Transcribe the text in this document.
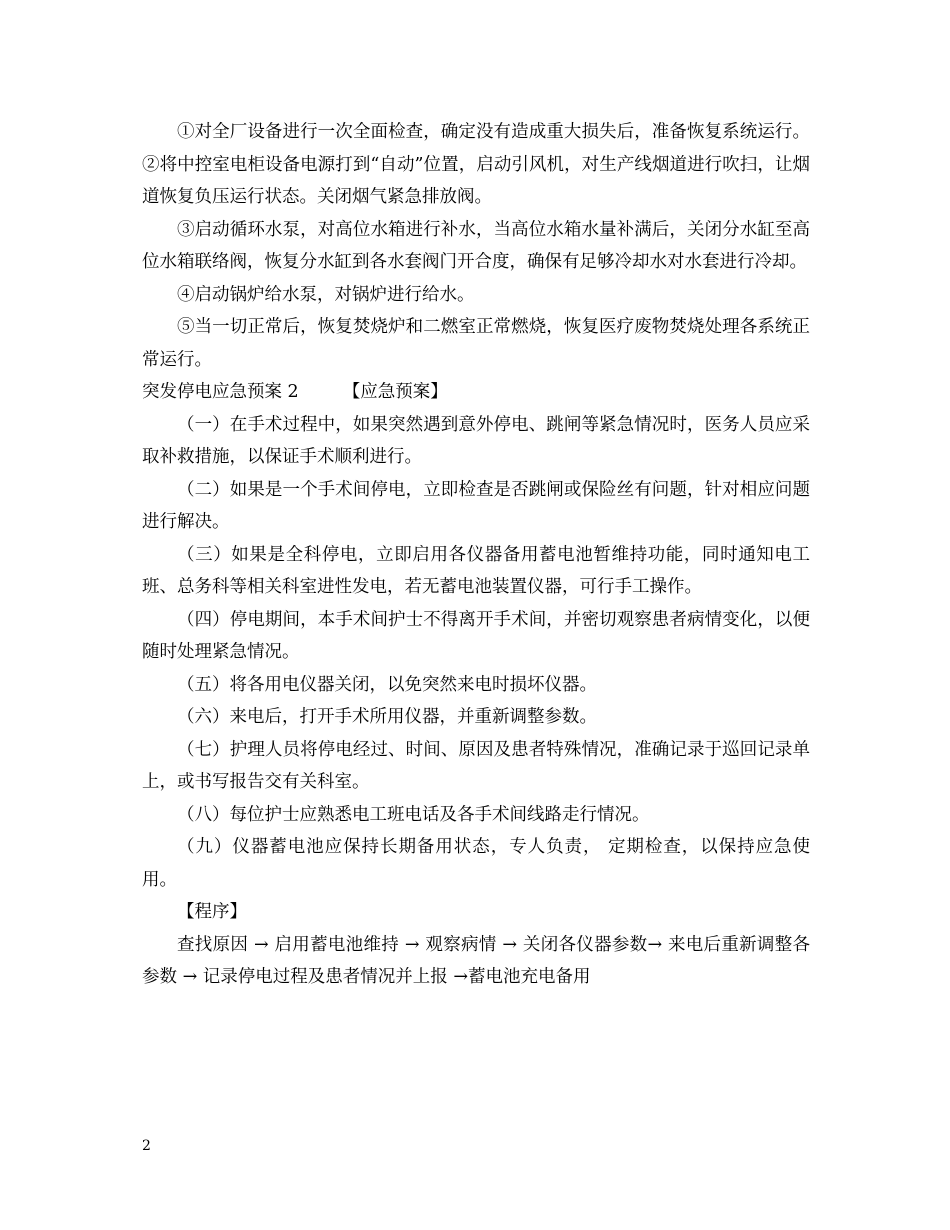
①对全厂设备进行一次全面检查，确定没有造成重大损失后，准备恢复系统运行。 ②将中控室电柜设备电源打到“自动”位置，启动引风机，对生产线烟道进行吹扫，让烟道恢复负压运行状态。关闭烟气紧急排放阀。

③启动循环水泵，对高位水箱进行补水，当高位水箱水量补满后，关闭分水缸至高位水箱联络阀，恢复分水缸到各水套阀门开合度，确保有足够冷却水对水套进行冷却。

④启动锅炉给水泵，对锅炉进行给水。

⑤当一切正常后，恢复焚烧炉和二燃室正常燃烧，恢复医疗废物焚烧处理各系统正常运行。

突发停电应急预案 2	【应急预案】

（一）在手术过程中，如果突然遇到意外停电、跳闸等紧急情况时，医务人员应采取补救措施，以保证手术顺利进行。

（二）如果是一个手术间停电，立即检查是否跳闸或保险丝有问题，针对相应问题进行解决。

（三）如果是全科停电，立即启用各仪器备用蓄电池暂维持功能，同时通知电工班、总务科等相关科室进性发电，若无蓄电池装置仪器，可行手工操作。

（四）停电期间，本手术间护士不得离开手术间，并密切观察患者病情变化，以便随时处理紧急情况。

（五）将各用电仪器关闭，以免突然来电时损坏仪器。

（六）来电后，打开手术所用仪器，并重新调整参数。

（七）护理人员将停电经过、时间、原因及患者特殊情况，准确记录于巡回记录单上，或书写报告交有关科室。

（八）每位护士应熟悉电工班电话及各手术间线路走行情况。

（九）仪器蓄电池应保持长期备用状态，专人负责， 定期检查，以保持应急使用。

【程序】

查找原因 → 启用蓄电池维持 → 观察病情 → 关闭各仪器参数→ 来电后重新调整各参数 → 记录停电过程及患者情况并上报 →蓄电池充电备用

2
